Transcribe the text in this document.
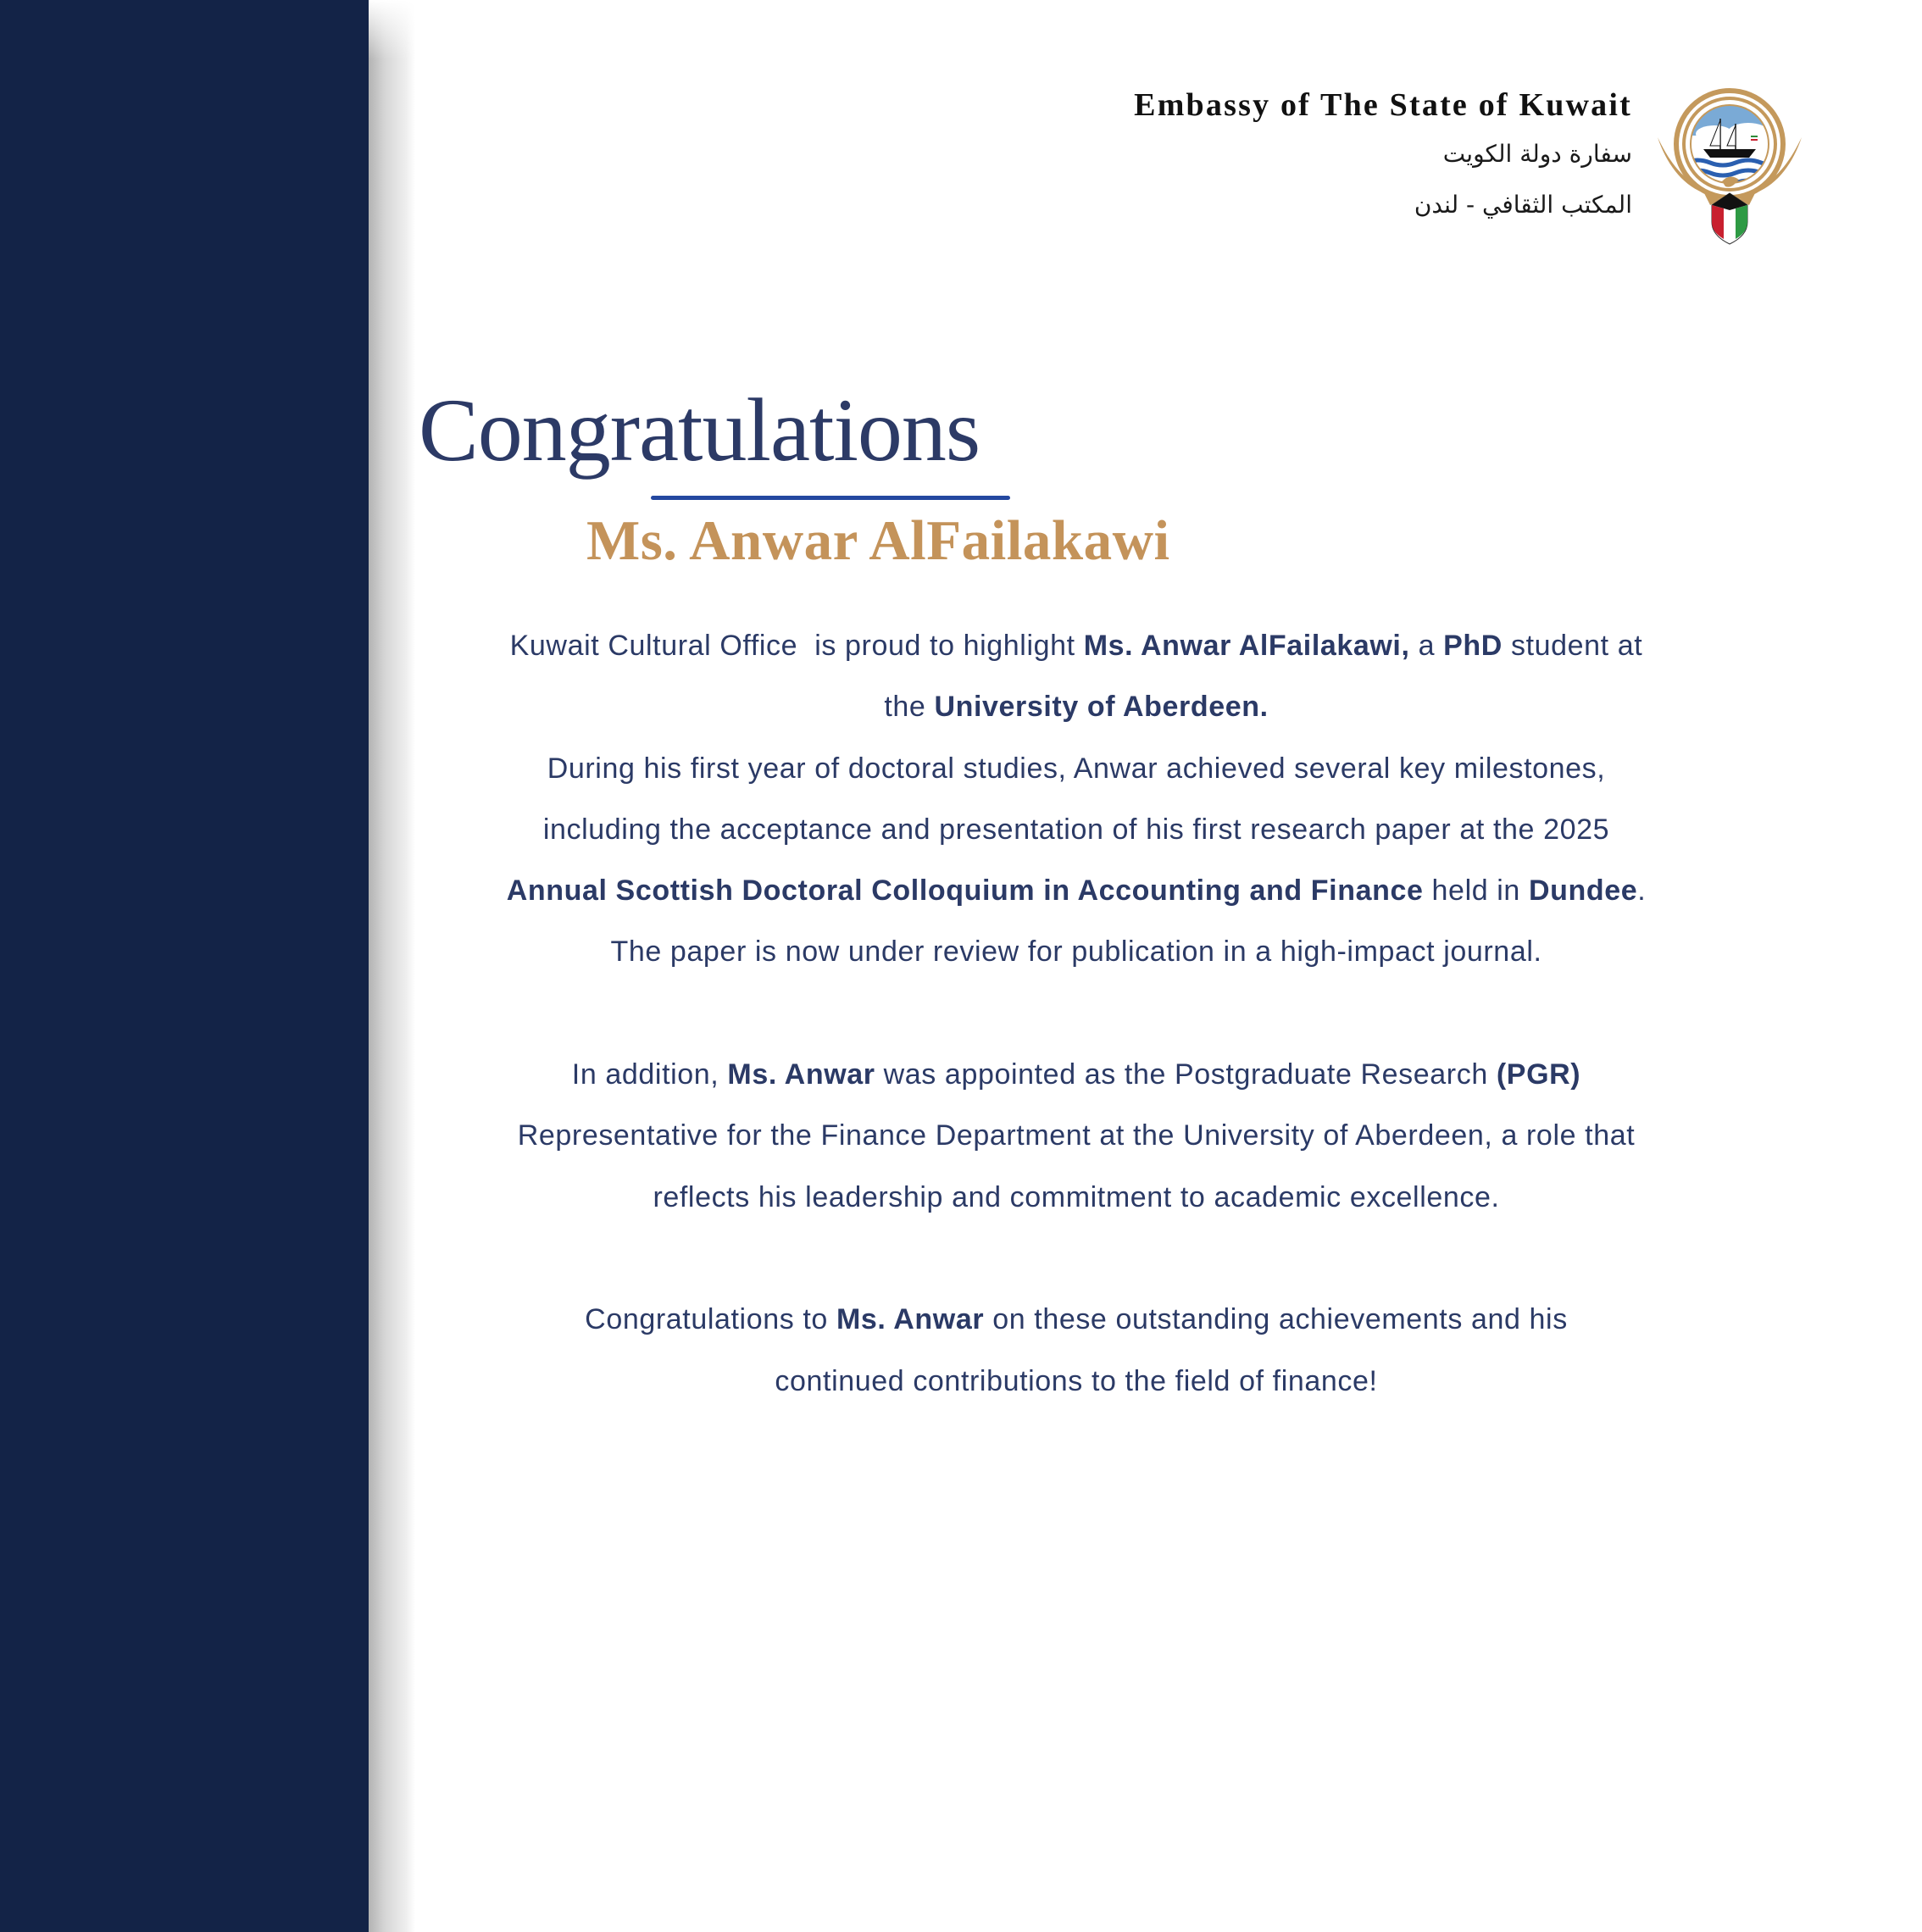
Embassy of The State of Kuwait
سفارة دولة الكويت
المكتب الثقافي - لندن
Congratulations
Ms. Anwar AlFailakawi

Kuwait Cultural Office  is proud to highlight Ms. Anwar AlFailakawi, a PhD student at

the University of Aberdeen.

During his first year of doctoral studies, Anwar achieved several key milestones,

including the acceptance and presentation of his first research paper at the 2025

Annual Scottish Doctoral Colloquium in Accounting and Finance held in Dundee.

The paper is now under review for publication in a high-impact journal.

In addition, Ms. Anwar was appointed as the Postgraduate Research (PGR)

Representative for the Finance Department at the University of Aberdeen, a role that

reflects his leadership and commitment to academic excellence.

Congratulations to Ms. Anwar on these outstanding achievements and his

continued contributions to the field of finance!
